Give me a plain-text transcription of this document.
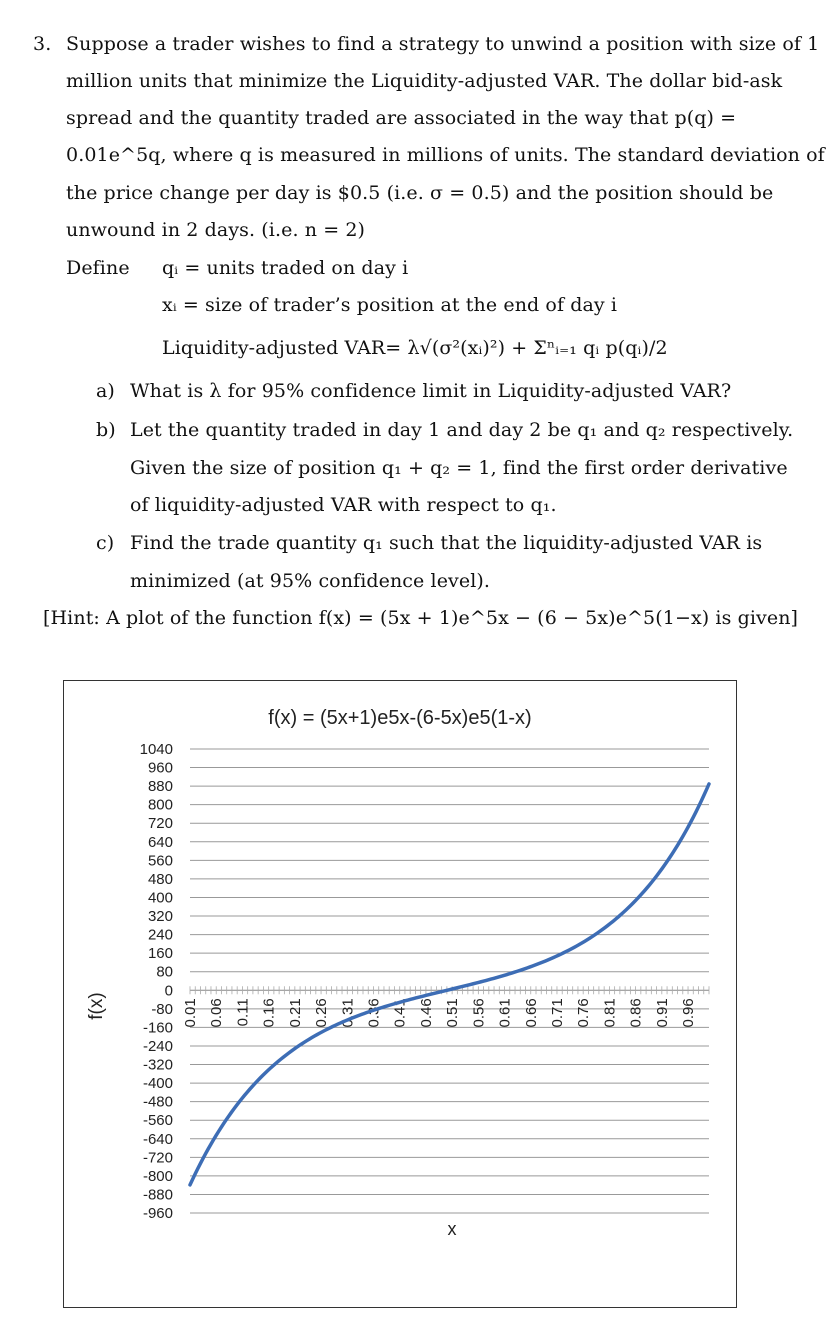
3. Suppose a trader wishes to find a strategy to unwind a position with size of 1
million units that minimize the Liquidity-adjusted VAR. The dollar bid-ask
spread and the quantity traded are associated in the way that p(q) =
0.01e^5q, where q is measured in millions of units. The standard deviation of
the price change per day is $0.5 (i.e. σ = 0.5) and the position should be
unwound in 2 days. (i.e. n = 2)
Define qᵢ = units traded on day i
xᵢ = size of trader’s position at the end of day i
Liquidity-adjusted VAR= λ√(σ²(xᵢ)²) + Σⁿᵢ₌₁ qᵢ p(qᵢ)/2
a) What is λ for 95% confidence limit in Liquidity-adjusted VAR?
b) Let the quantity traded in day 1 and day 2 be q₁ and q₂ respectively.
Given the size of position q₁ + q₂ = 1, find the first order derivative
of liquidity-adjusted VAR with respect to q₁.
c) Find the trade quantity q₁ such that the liquidity-adjusted VAR is
minimized (at 95% confidence level).
[Hint: A plot of the function f(x) = (5x + 1)e^5x − (6 − 5x)e^5(1−x) is given]
f(x) = (5x+1)e5x-(6-5x)e5(1-x)
1040
960
880
800
720
640
560
480
400
320
240
160
80
0
-80
-160
-240
-320
-400
-480
-560
-640
-720
-800
-880
-960
0.01 0.06 0.11 0.16 0.21 0.26 0.31 0.36 0.41 0.46 0.51 0.56 0.61 0.66 0.71 0.76 0.81 0.86 0.91 0.96
x
f(x)
